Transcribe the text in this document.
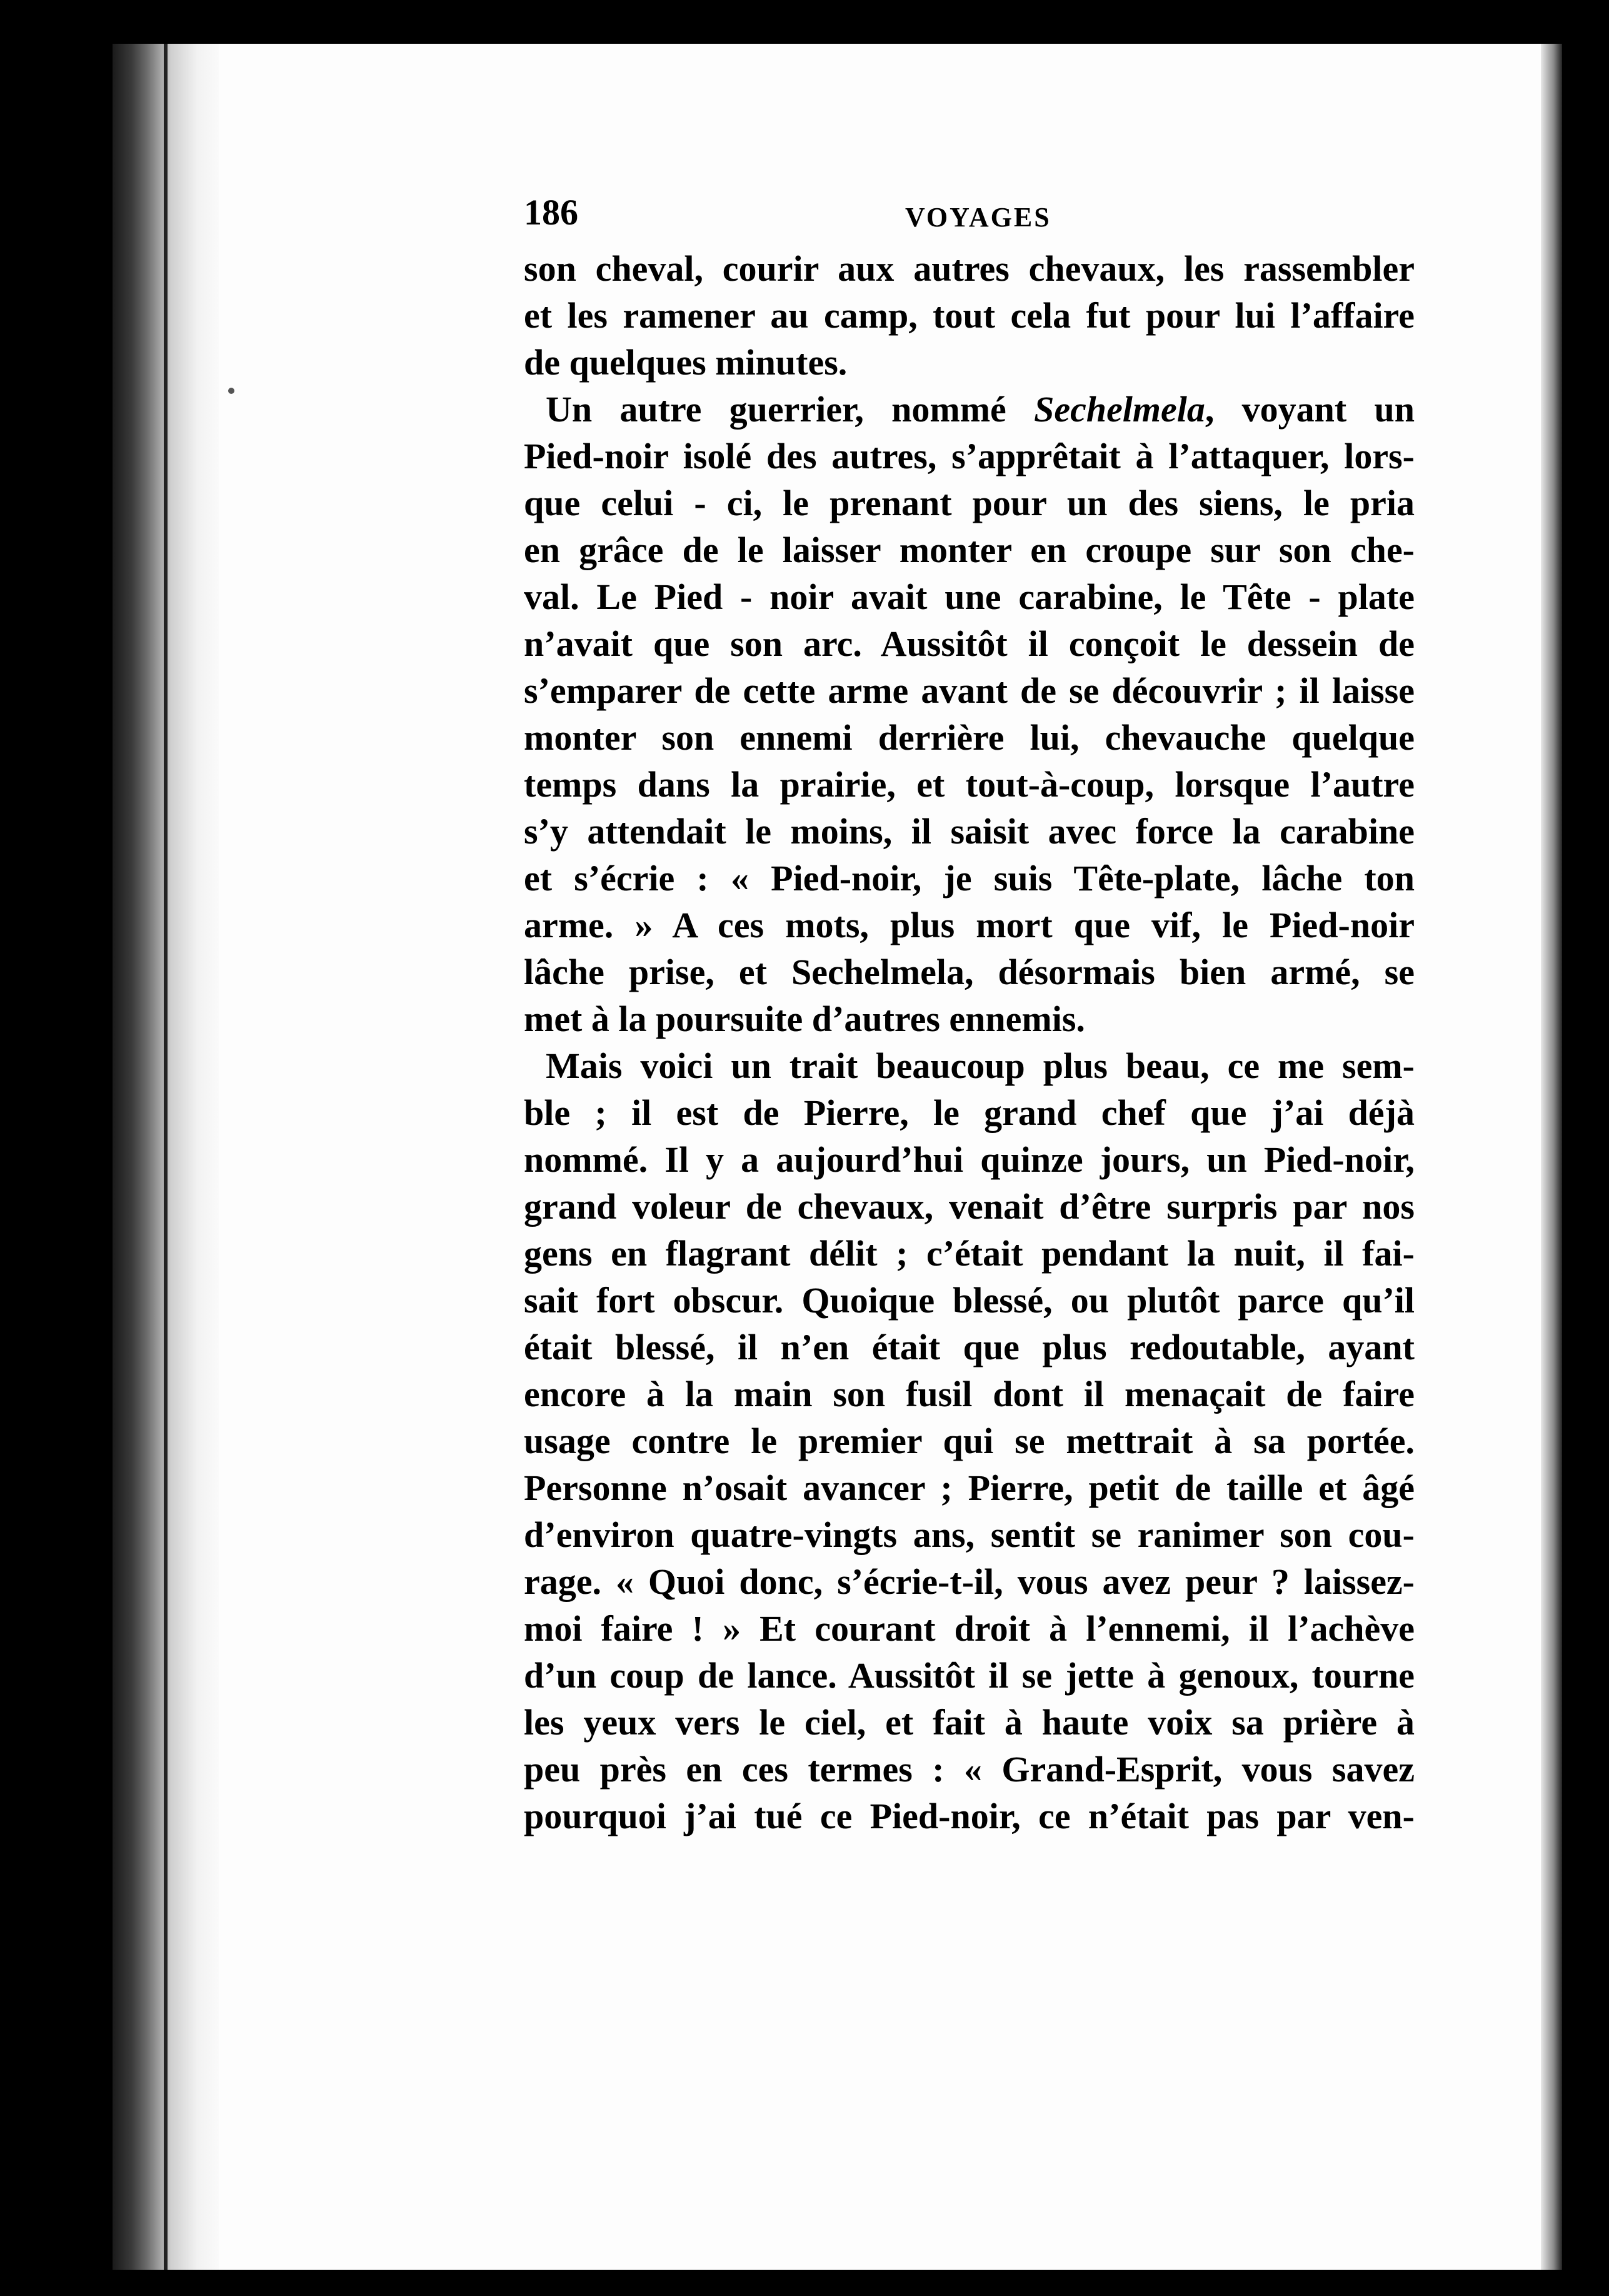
186	VOYAGES
son cheval, courir aux autres chevaux, les rassembler
et les ramener au camp, tout cela fut pour lui l’affaire
de quelques minutes.
Un autre guerrier, nommé Sechelmela, voyant un
Pied-noir isolé des autres, s’apprêtait à l’attaquer, lors-
que celui - ci, le prenant pour un des siens, le pria
en grâce de le laisser monter en croupe sur son che-
val. Le Pied - noir avait une carabine, le Tête - plate
n’avait que son arc. Aussitôt il conçoit le dessein de
s’emparer de cette arme avant de se découvrir ; il laisse
monter son ennemi derrière lui, chevauche quelque
temps dans la prairie, et tout-à-coup, lorsque l’autre
s’y attendait le moins, il saisit avec force la carabine
et s’écrie : « Pied-noir, je suis Tête-plate, lâche ton
arme. » A ces mots, plus mort que vif, le Pied-noir
lâche prise, et Sechelmela, désormais bien armé, se
met à la poursuite d’autres ennemis.
Mais voici un trait beaucoup plus beau, ce me sem-
ble ; il est de Pierre, le grand chef que j’ai déjà
nommé. Il y a aujourd’hui quinze jours, un Pied-noir,
grand voleur de chevaux, venait d’être surpris par nos
gens en flagrant délit ; c’était pendant la nuit, il fai-
sait fort obscur. Quoique blessé, ou plutôt parce qu’il
était blessé, il n’en était que plus redoutable, ayant
encore à la main son fusil dont il menaçait de faire
usage contre le premier qui se mettrait à sa portée.
Personne n’osait avancer ; Pierre, petit de taille et âgé
d’environ quatre-vingts ans, sentit se ranimer son cou-
rage. « Quoi donc, s’écrie-t-il, vous avez peur ? laissez-
moi faire ! » Et courant droit à l’ennemi, il l’achève
d’un coup de lance. Aussitôt il se jette à genoux, tourne
les yeux vers le ciel, et fait à haute voix sa prière à
peu près en ces termes : « Grand-Esprit, vous savez
pourquoi j’ai tué ce Pied-noir, ce n’était pas par ven-
